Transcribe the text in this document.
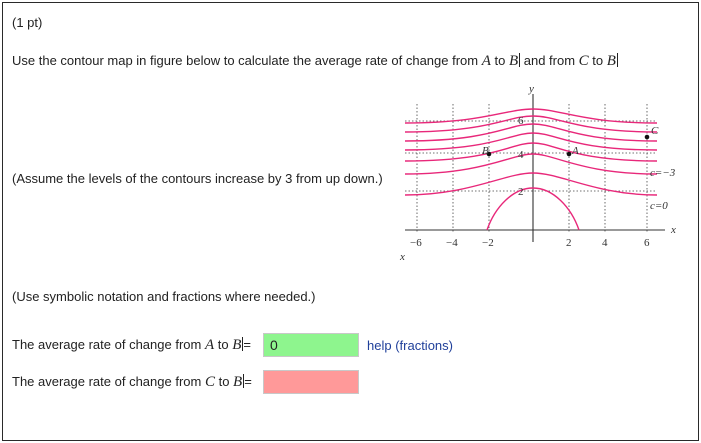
(1 pt)
Use the contour map in figure below to calculate the average rate of change from A to B and from C to B
(Assume the levels of the contours increase by 3 from up down.)
6
4
2
B	A
C
c=−3
c=0
y
x
x
−6 −4 −2	2	4	6
(Use symbolic notation and fractions where needed.)
The average rate of change from A to B =
0	help (fractions)
The average rate of change from C to B =
